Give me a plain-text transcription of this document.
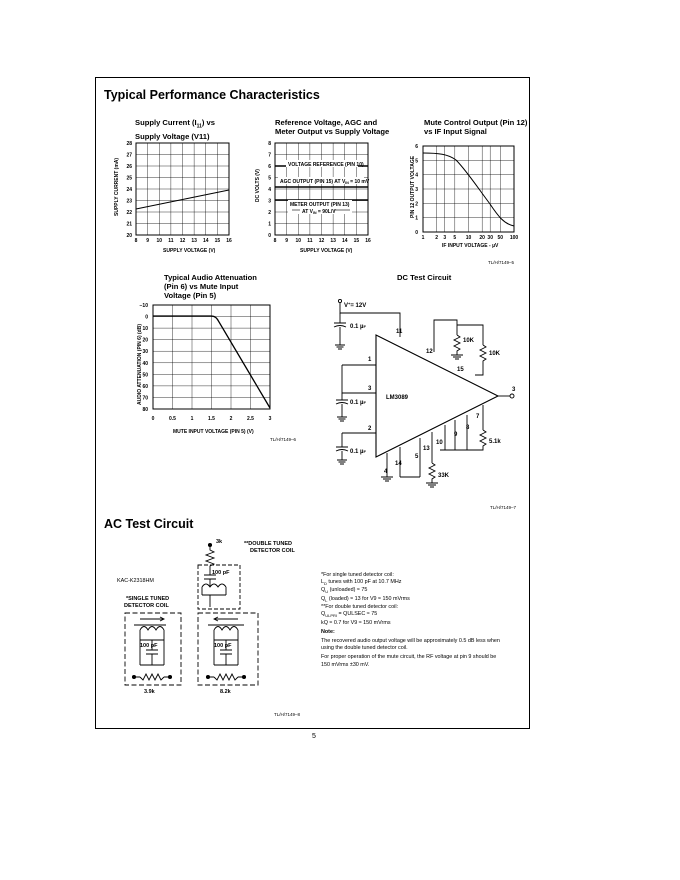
Typical Performance Characteristics
Supply Current $(I_{11})$ vs
Supply Voltage (V11)
Reference Voltage, AGC and
Meter Output vs Supply Voltage
Mute Control Output (Pin 12)
vs IF Input Signal
28
27
26
25
24
23
22
21
20
8 9 10 11 12 13 14 15 16
SUPPLY CURRENT (mA)
SUPPLY VOLTAGE (V)
VOLTAGE REFERENCE (PIN 10)
AGC OUTPUT (PIN 15) AT $V_{IN} = 10$ mV
METER OUTPUT (PIN 13)
AT $V_{IN} = 90L/V$
8
7
6
5
4
3
2
1
0
8 9 10 11 12 13 14 15 16
DC VOLTS (V)
SUPPLY VOLTAGE (V)
6
5
4
3
2
1
0
1 2 3 5 10 20 30 50 100
PIN 12 OUTPUT VOLTAGE
IF INPUT VOLTAGE - µV
TL/H/7149–5
Typical Audio Attenuation
(Pin 6) vs Mute Input
Voltage (Pin 5)
−10
0
10
20
30
40
50
60
70
80
0	0.5	1	1.5	2	2.5	3
AUDIO ATTENUATION (PIN 6) (dB)
MUTE INPUT VOLTAGE (PIN 5) (V)
TL/H/7149–6
DC Test Circuit
V+= 12V
0.1 µF
0.1 µF
0.1 µF
LM3089
11
12
1
3
2
15
10
9
8
7
4
14
5
13
3
10K
10K
5.1k
33K
TL/H/7149–7
AC Test Circuit
3k	**DOUBLE TUNED
DETECTOR COIL
100 pF
*SINGLE TUNED
DETECTOR COIL
100 pF	100 pF
3.9k	8.2k
KAC-K2318HM
*For single tuned detector coil:
$L_D$ tunes with 100 pF at 10.7 MHz
$Q_U$ (unloaded) ≈ 75
$Q_L$ (loaded) ≈ 13 for V9 ≈ 150 mVrms
**For double tuned detector coil:
$Q_{ULPRI}$ = QULSEC ≈ 75
kQ ≈ 0.7 for V9 ≈ 150 mVrms
Note:
The recovered audio output voltage will be approximately 0.5 dB less when
using the double tuned detector coil.
For proper operation of the mute circuit, the RF voltage at pin 9 should be
150 mVrms ±30 mV.
TL/H/7149–8
5
